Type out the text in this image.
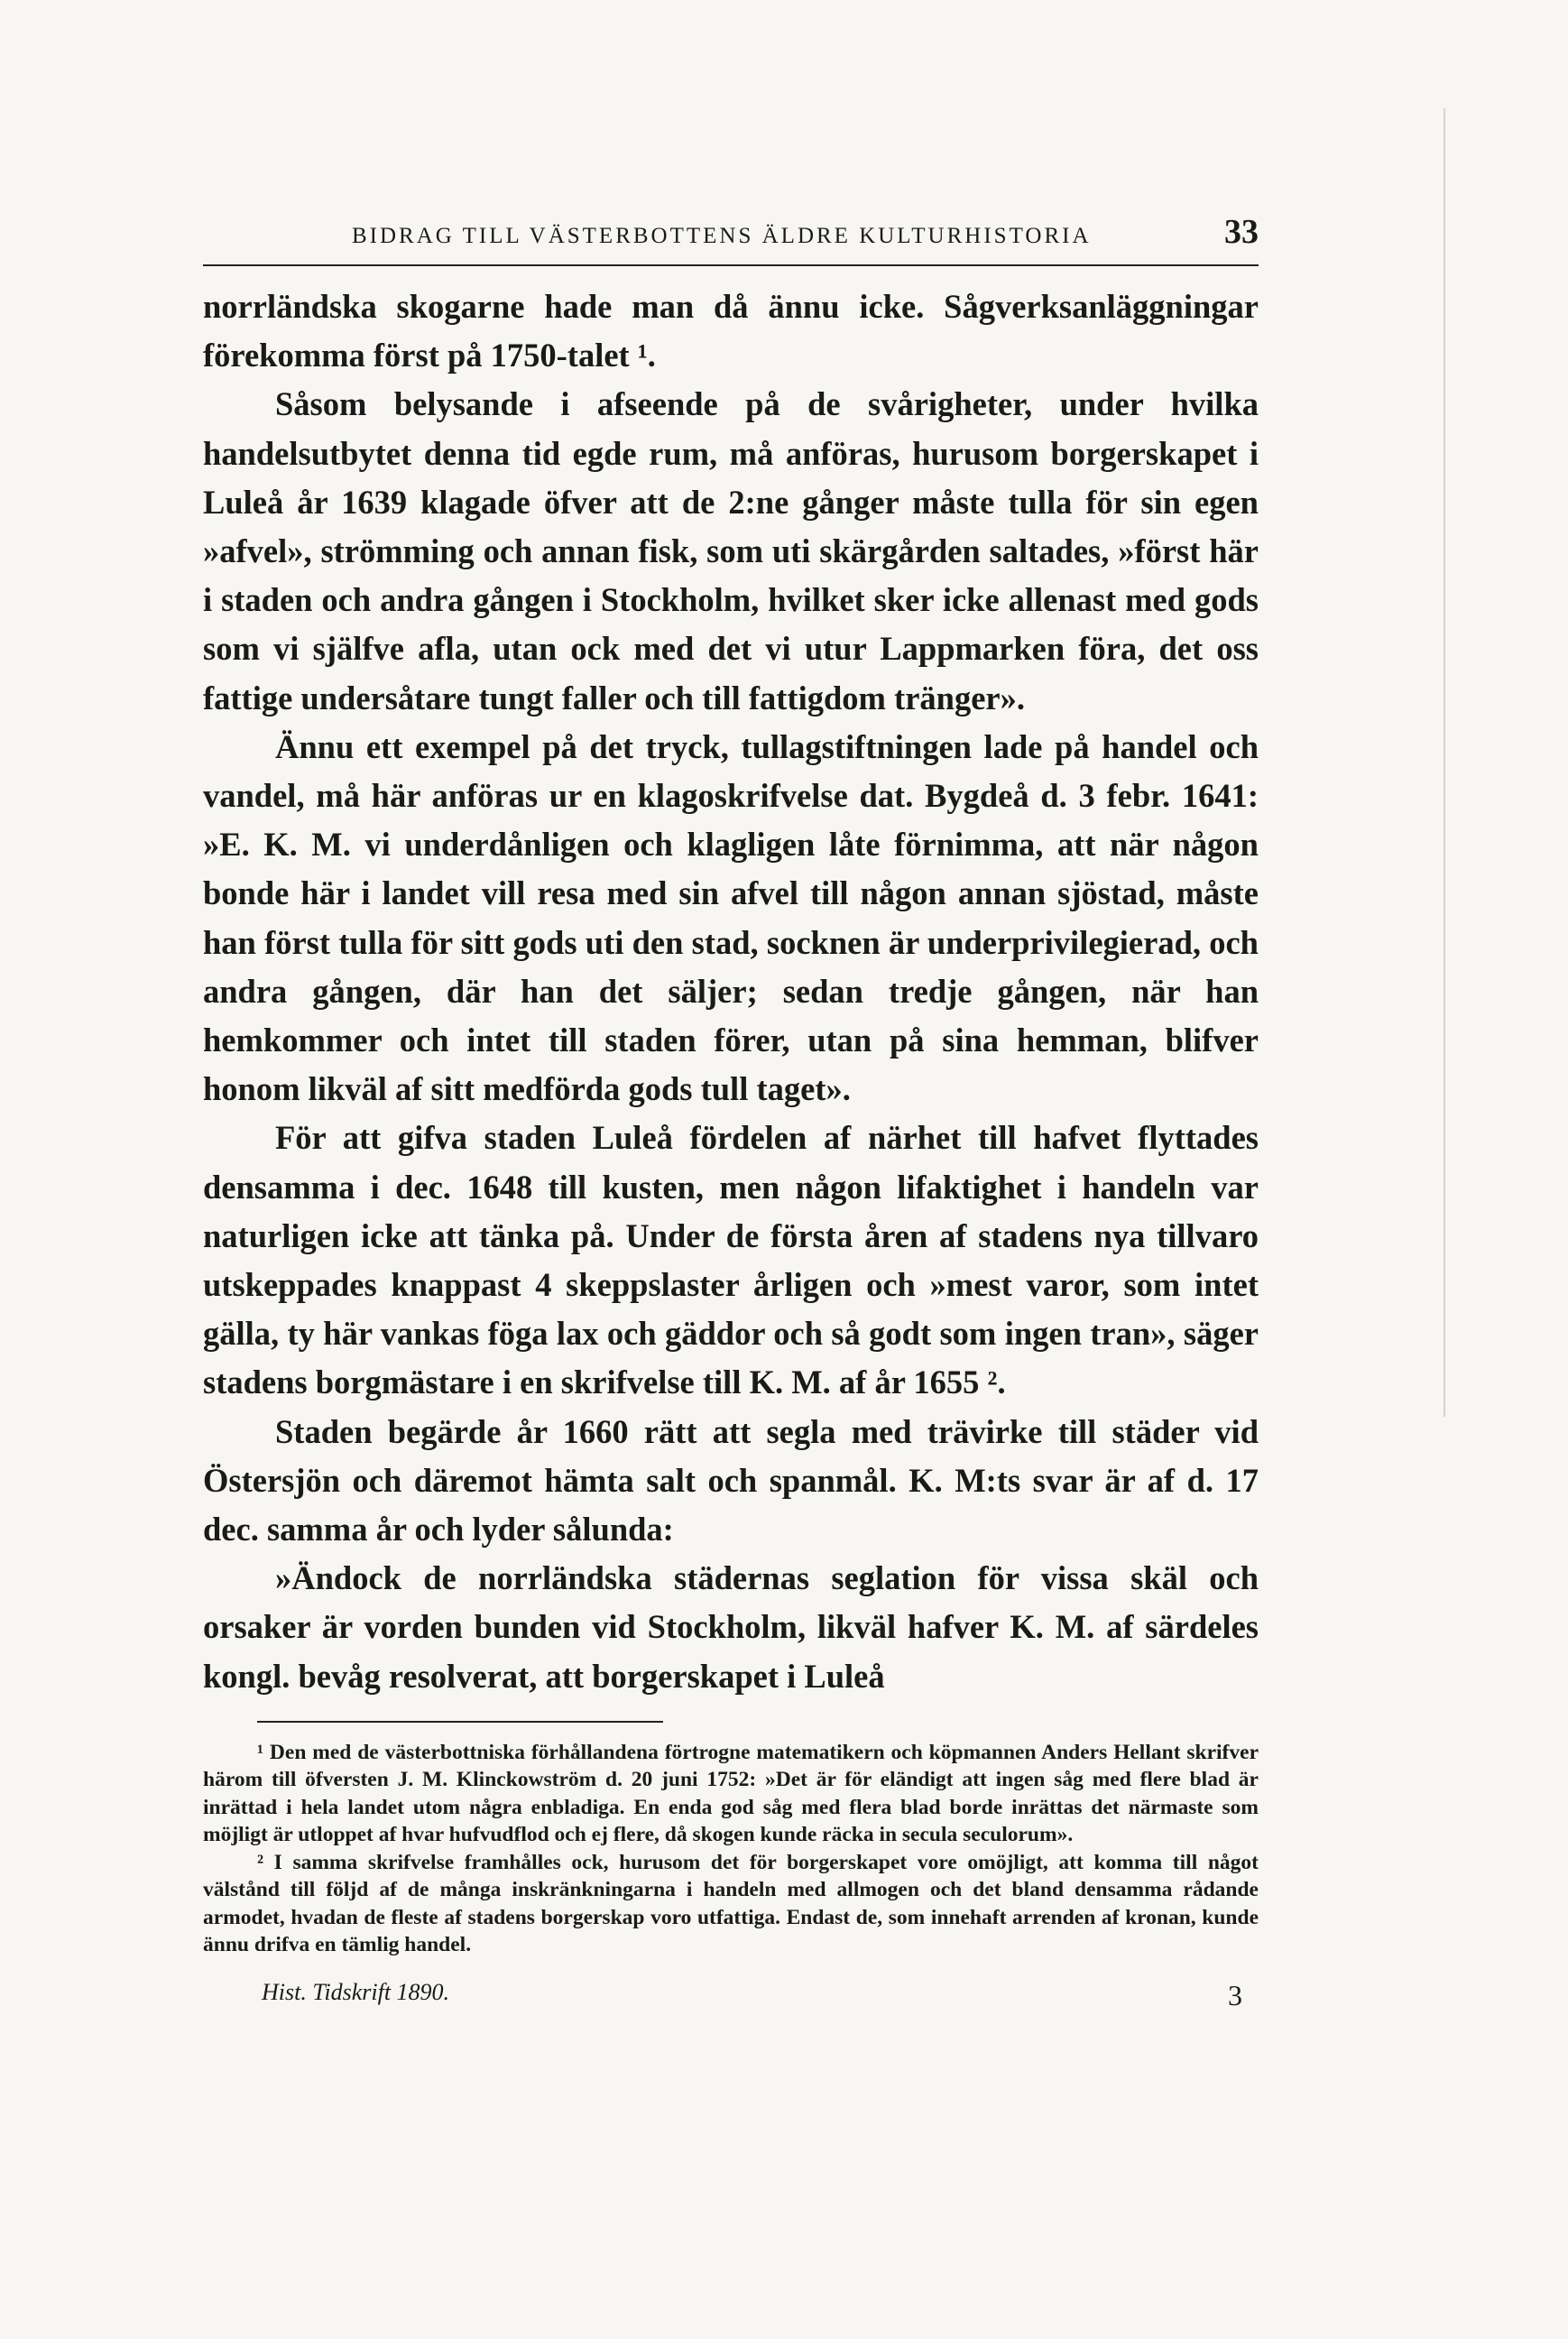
BIDRAG TILL VÄSTERBOTTENS ÄLDRE KULTURHISTORIA	33

norrländska skogarne hade man då ännu icke. Sågverksanläggningar förekomma först på 1750-talet ¹.

Såsom belysande i afseende på de svårigheter, under hvilka handelsutbytet denna tid egde rum, må anföras, hurusom borgerskapet i Luleå år 1639 klagade öfver att de 2:ne gånger måste tulla för sin egen »afvel», strömming och annan fisk, som uti skärgården saltades, »först här i staden och andra gången i Stockholm, hvilket sker icke allenast med gods som vi själfve afla, utan ock med det vi utur Lappmarken föra, det oss fattige undersåtare tungt faller och till fattigdom tränger».

Ännu ett exempel på det tryck, tullagstiftningen lade på handel och vandel, må här anföras ur en klagoskrifvelse dat. Bygdeå d. 3 febr. 1641: »E. K. M. vi underdånligen och klagligen låte förnimma, att när någon bonde här i landet vill resa med sin afvel till någon annan sjöstad, måste han först tulla för sitt gods uti den stad, socknen är underprivilegierad, och andra gången, där han det säljer; sedan tredje gången, när han hemkommer och intet till staden förer, utan på sina hemman, blifver honom likväl af sitt medförda gods tull taget».

För att gifva staden Luleå fördelen af närhet till hafvet flyttades densamma i dec. 1648 till kusten, men någon lifaktighet i handeln var naturligen icke att tänka på. Under de första åren af stadens nya tillvaro utskeppades knappast 4 skeppslaster årligen och »mest varor, som intet gälla, ty här vankas föga lax och gäddor och så godt som ingen tran», säger stadens borgmästare i en skrifvelse till K. M. af år 1655 ².

Staden begärde år 1660 rätt att segla med trävirke till städer vid Östersjön och däremot hämta salt och spanmål. K. M:ts svar är af d. 17 dec. samma år och lyder sålunda:

»Ändock de norrländska städernas seglation för vissa skäl och orsaker är vorden bunden vid Stockholm, likväl hafver K. M. af särdeles kongl. bevåg resolverat, att borgerskapet i Luleå

¹ Den med de västerbottniska förhållandena förtrogne matematikern och köpmannen Anders Hellant skrifver härom till öfversten J. M. Klinckowström d. 20 juni 1752: »Det är för eländigt att ingen såg med flere blad är inrättad i hela landet utom några enbladiga. En enda god såg med flera blad borde inrättas det närmaste som möjligt är utloppet af hvar hufvudflod och ej flere, då skogen kunde räcka in secula seculorum».

² I samma skrifvelse framhålles ock, hurusom det för borgerskapet vore omöjligt, att komma till något välstånd till följd af de många inskränkningarna i handeln med allmogen och det bland densamma rådande armodet, hvadan de fleste af stadens borgerskap voro utfattiga. Endast de, som innehaft arrenden af kronan, kunde ännu drifva en tämlig handel.

Hist. Tidskrift 1890.	3
